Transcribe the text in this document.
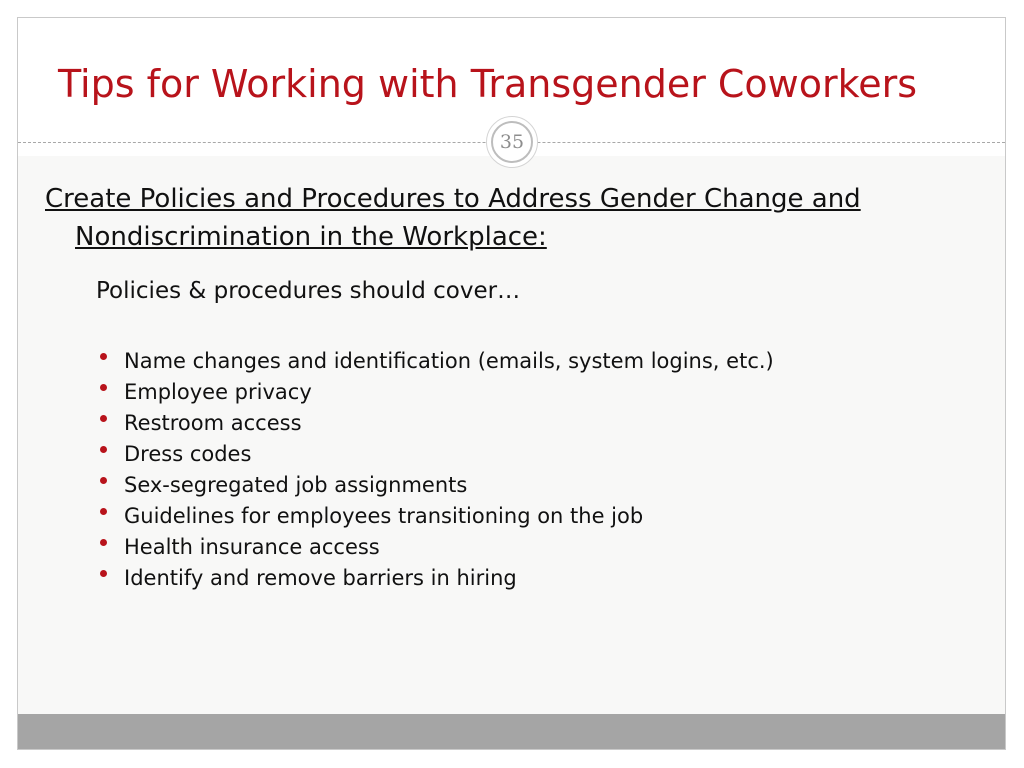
Tips for Working with Transgender Coworkers
35
Create Policies and Procedures to Address Gender Change and Nondiscrimination in the Workplace:
Policies & procedures should cover…
Name changes and identification (emails, system logins, etc.)
Employee privacy
Restroom access
Dress codes
Sex-segregated job assignments
Guidelines for employees transitioning on the job
Health insurance access
Identify and remove barriers in hiring
